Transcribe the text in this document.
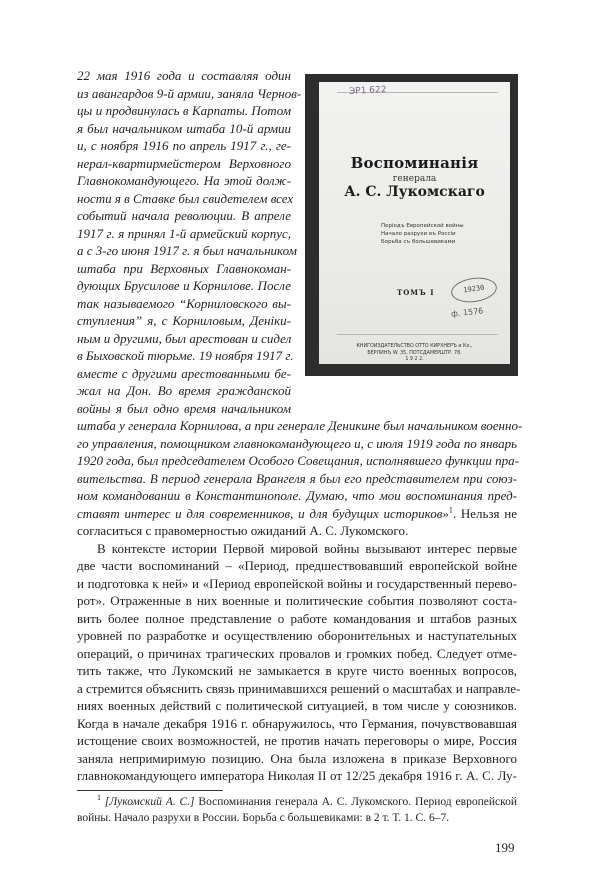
ЭР1 622
Воспоминанія
генерала
А. С. Лукомскаго
Періодъ Европейской войны
Началo разрухи въ Россіи
Борьба съ большевиками
ТОМЪ I	19230
ф. 1576
КНИГОИЗДАТЕЛЬСТВО ОТТО КИРХНЕРЪ и Ко.,
БЕРЛИНЪ W. 35, ПОТСДАМЕРШТР. 78.
1 9 2 2.
22 мая 1916 года и составляя один
из авангардов 9-й армии, заняла Чернов-
цы и продвинулась в Карпаты. Потом
я был начальником штаба 10-й армии
и, с ноября 1916 по апрель 1917 г., ге-
нерал-квартирмейстером Верховного
Главнокомандующего. На этой долж-
ности я в Ставке был свидетелем всех
событий начала революции. В апреле
1917 г. я принял 1-й армейский корпус,
а с 3-го июня 1917 г. я был начальником
штаба при Верховных Главнокоман-
дующих Брусилове и Корнилове. После
так называемого “Корниловского вы-
ступления” я, с Корниловым, Денiки-
ным и другими, был арестован и сидел
в Быховской тюрьме. 19 ноября 1917 г.
вместе с другими арестованными бе-
жал на Дон. Во время гражданской
войны я был одно время начальником
штаба у генерала Корнилова, а при генерале Деникине был начальником военно-
го управления, помощником главнокомандующего и, с июля 1919 года по январь
1920 года, был председателем Особого Совещания, исполнявшего функции пра-
вительства. В период генерала Врангеля я был его представителем при союз-
ном командовании в Константинополе. Думаю, что мои воспоминания пред-
ставят интерес и для современников, и для будущих историков»$^1$. Нельзя не
согласиться с правомерностью ожиданий А. С. Лукомского.
В контексте истории Первой мировой войны вызывают интерес первые
две части воспоминаний – «Период, предшествовавший европейской войне
и подготовка к ней» и «Период европейской войны и государственный перево-
рот». Отраженные в них военные и политические события позволяют соста-
вить более полное представление о работе командования и штабов разных
уровней по разработке и осуществлению оборонительных и наступательных
операций, о причинах трагических провалов и громких побед. Следует отме-
тить также, что Лукомский не замыкается в круге чисто военных вопросов,
а стремится объяснить связь принимавшихся решений о масштабах и направле-
ниях военных действий с политической ситуацией, в том числе у союзников.
Когда в начале декабря 1916 г. обнаружилось, что Германия, почувствовавшая
истощение своих возможностей, не против начать переговоры о мире, Россия
заняла непримиримую позицию. Она была изложена в приказе Верховного
главнокомандующего императора Николая II от 12/25 декабря 1916 г. А. С. Лу-
$^1$ [Лукомский А. С.] Воспоминания генерала А. С. Лукомского. Период европейской
войны. Начало разрухи в России. Борьба с большевиками: в 2 т. Т. 1. С. 6–7.
199
